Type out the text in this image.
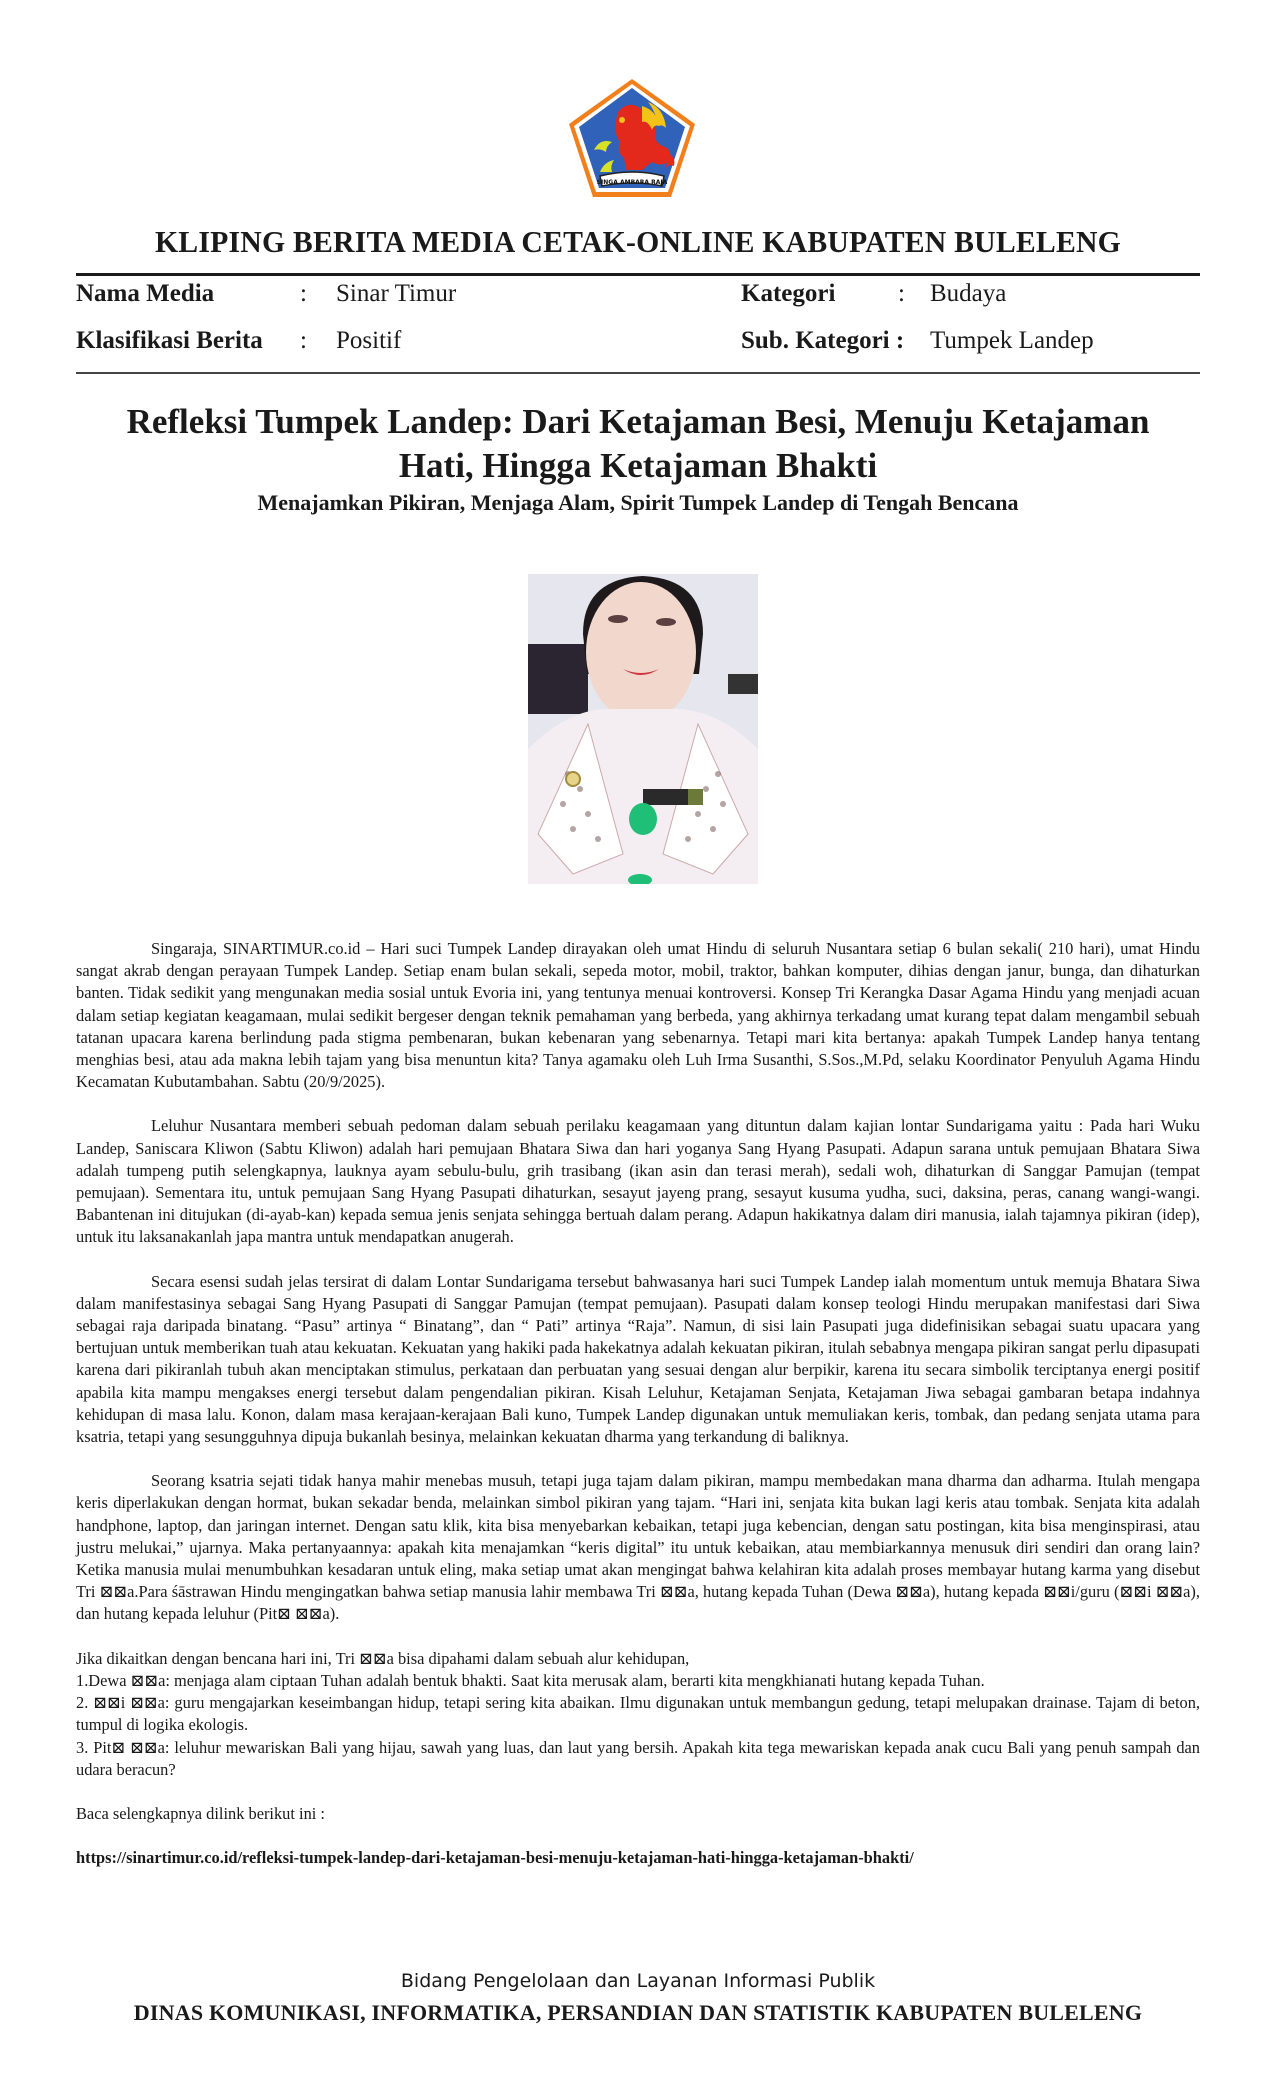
SINGA AMBARA RAJA
KLIPING BERITA MEDIA CETAK-ONLINE KABUPATEN BULELENG
Nama Media	: Sinar Timur	Kategori	: Budaya
Klasifikasi Berita : Positif	Sub. Kategori : Tumpek Landep
Refleksi Tumpek Landep: Dari Ketajaman Besi, Menuju Ketajaman Hati, Hingga Ketajaman Bhakti
Menajamkan Pikiran, Menjaga Alam, Spirit Tumpek Landep di Tengah Bencana

Singaraja, SINARTIMUR.co.id – Hari suci Tumpek Landep dirayakan oleh umat Hindu di seluruh Nusantara setiap 6 bulan sekali( 210 hari), umat Hindu sangat akrab dengan perayaan Tumpek Landep. Setiap enam bulan sekali, sepeda motor, mobil, traktor, bahkan komputer, dihias dengan janur, bunga, dan dihaturkan banten. Tidak sedikit yang mengunakan media sosial untuk Evoria ini, yang tentunya menuai kontroversi. Konsep Tri Kerangka Dasar Agama Hindu yang menjadi acuan dalam setiap kegiatan keagamaan, mulai sedikit bergeser dengan teknik pemahaman yang berbeda, yang akhirnya terkadang umat kurang tepat dalam mengambil sebuah tatanan upacara karena berlindung pada stigma pembenaran, bukan kebenaran yang sebenarnya. Tetapi mari kita bertanya: apakah Tumpek Landep hanya tentang menghias besi, atau ada makna lebih tajam yang bisa menuntun kita? Tanya agamaku oleh Luh Irma Susanthi, S.Sos.,M.Pd, selaku Koordinator Penyuluh Agama Hindu Kecamatan Kubutambahan. Sabtu (20/9/2025).

Leluhur Nusantara memberi sebuah pedoman dalam sebuah perilaku keagamaan yang dituntun dalam kajian lontar Sundarigama yaitu : Pada hari Wuku Landep, Saniscara Kliwon (Sabtu Kliwon) adalah hari pemujaan Bhatara Siwa dan hari yoganya Sang Hyang Pasupati. Adapun sarana untuk pemujaan Bhatara Siwa adalah tumpeng putih selengkapnya, lauknya ayam sebulu-bulu, grih trasibang (ikan asin dan terasi merah), sedali woh, dihaturkan di Sanggar Pamujan (tempat pemujaan). Sementara itu, untuk pemujaan Sang Hyang Pasupati dihaturkan, sesayut jayeng prang, sesayut kusuma yudha, suci, daksina, peras, canang wangi-wangi. Babantenan ini ditujukan (di-ayab-kan) kepada semua jenis senjata sehingga bertuah dalam perang. Adapun hakikatnya dalam diri manusia, ialah tajamnya pikiran (idep), untuk itu laksanakanlah japa mantra untuk mendapatkan anugerah.

Secara esensi sudah jelas tersirat di dalam Lontar Sundarigama tersebut bahwasanya hari suci Tumpek Landep ialah momentum untuk memuja Bhatara Siwa dalam manifestasinya sebagai Sang Hyang Pasupati di Sanggar Pamujan (tempat pemujaan). Pasupati dalam konsep teologi Hindu merupakan manifestasi dari Siwa sebagai raja daripada binatang. “Pasu” artinya “ Binatang”, dan “ Pati” artinya “Raja”. Namun, di sisi lain Pasupati juga didefinisikan sebagai suatu upacara yang bertujuan untuk memberikan tuah atau kekuatan. Kekuatan yang hakiki pada hakekatnya adalah kekuatan pikiran, itulah sebabnya mengapa pikiran sangat perlu dipasupati karena dari pikiranlah tubuh akan menciptakan stimulus, perkataan dan perbuatan yang sesuai dengan alur berpikir, karena itu secara simbolik terciptanya energi positif apabila kita mampu mengakses energi tersebut dalam pengendalian pikiran. Kisah Leluhur, Ketajaman Senjata, Ketajaman Jiwa sebagai gambaran betapa indahnya kehidupan di masa lalu. Konon, dalam masa kerajaan-kerajaan Bali kuno, Tumpek Landep digunakan untuk memuliakan keris, tombak, dan pedang senjata utama para ksatria, tetapi yang sesungguhnya dipuja bukanlah besinya, melainkan kekuatan dharma yang terkandung di baliknya.

Seorang ksatria sejati tidak hanya mahir menebas musuh, tetapi juga tajam dalam pikiran, mampu membedakan mana dharma dan adharma. Itulah mengapa keris diperlakukan dengan hormat, bukan sekadar benda, melainkan simbol pikiran yang tajam. “Hari ini, senjata kita bukan lagi keris atau tombak. Senjata kita adalah handphone, laptop, dan jaringan internet. Dengan satu klik, kita bisa menyebarkan kebaikan, tetapi juga kebencian, dengan satu postingan, kita bisa menginspirasi, atau justru melukai,” ujarnya. Maka pertanyaannya: apakah kita menajamkan “keris digital” itu untuk kebaikan, atau membiarkannya menusuk diri sendiri dan orang lain? Ketika manusia mulai menumbuhkan kesadaran untuk eling, maka setiap umat akan mengingat bahwa kelahiran kita adalah proses membayar hutang karma yang disebut Tri ⊠⊠a.Para śāstrawan Hindu mengingatkan bahwa setiap manusia lahir membawa Tri ⊠⊠a, hutang kepada Tuhan (Dewa ⊠⊠a), hutang kepada ⊠⊠i/guru (⊠⊠i ⊠⊠a), dan hutang kepada leluhur (Pit⊠ ⊠⊠a).

Jika dikaitkan dengan bencana hari ini, Tri ⊠⊠a bisa dipahami dalam sebuah alur kehidupan,
1.Dewa ⊠⊠a: menjaga alam ciptaan Tuhan adalah bentuk bhakti. Saat kita merusak alam, berarti kita mengkhianati hutang kepada Tuhan.
2. ⊠⊠i ⊠⊠a: guru mengajarkan keseimbangan hidup, tetapi sering kita abaikan. Ilmu digunakan untuk membangun gedung, tetapi melupakan drainase. Tajam di beton, tumpul di logika ekologis.
3. Pit⊠ ⊠⊠a: leluhur mewariskan Bali yang hijau, sawah yang luas, dan laut yang bersih. Apakah kita tega mewariskan kepada anak cucu Bali yang penuh sampah dan udara beracun?
Baca selengkapnya dilink berikut ini :
https://sinartimur.co.id/refleksi-tumpek-landep-dari-ketajaman-besi-menuju-ketajaman-hati-hingga-ketajaman-bhakti/
Bidang Pengelolaan dan Layanan Informasi Publik
DINAS KOMUNIKASI, INFORMATIKA, PERSANDIAN DAN STATISTIK KABUPATEN BULELENG
